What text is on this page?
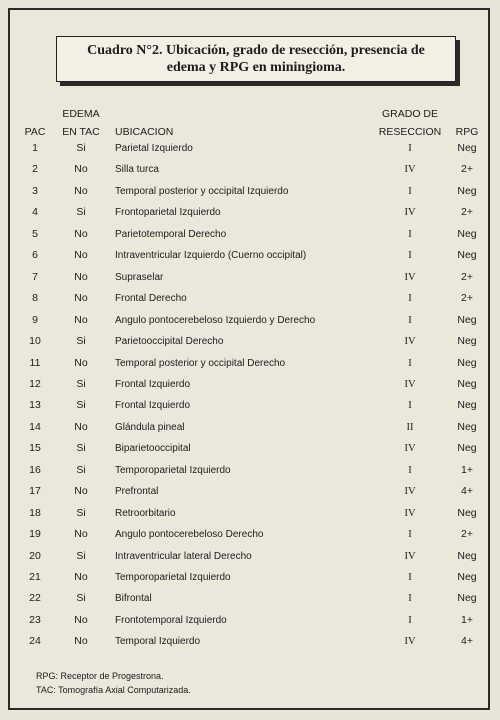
Cuadro N°2. Ubicación, grado de resección, presencia de
edema y RPG en miningioma.
PAC
EDEMA
EN TAC	UBICACION
GRADO DE
RESECCION	RPG
1	Si	Parietal Izquierdo	I	Neg
2	No	Silla turca	IV	2+
3	No	Temporal posterior y occipital Izquierdo	I	Neg
4	Si	Frontoparietal Izquierdo	IV	2+
5	No	Parietotemporal Derecho	I	Neg
6	No	Intraventricular Izquierdo (Cuerno occipital)	I	Neg
7	No	Supraselar	IV	2+
8	No	Frontal Derecho	I	2+
9	No	Angulo pontocerebeloso Izquierdo y Derecho	I	Neg
10	Si	Parietooccipital Derecho	IV	Neg
11	No	Temporal posterior y occipital Derecho	I	Neg
12	Si	Frontal Izquierdo	IV	Neg
13	Si	Frontal Izquierdo	I	Neg
14	No	Glándula pineal	II	Neg
15	Si	Biparietooccipital	IV	Neg
16	Si	Temporoparietal Izquierdo	I	1+
17	No	Prefrontal	IV	4+
18	Si	Retroorbitario	IV	Neg
19	No	Angulo pontocerebeloso Derecho	I	2+
20	Si	Intraventricular lateral Derecho	IV	Neg
21	No	Temporoparietal Izquierdo	I	Neg
22	Si	Bifrontal	I	Neg
23	No	Frontotemporal Izquierdo	I	1+
24	No	Temporal Izquierdo	IV	4+
RPG: Receptor de Progestrona.
TAC: Tomografía Axial Computarizada.
